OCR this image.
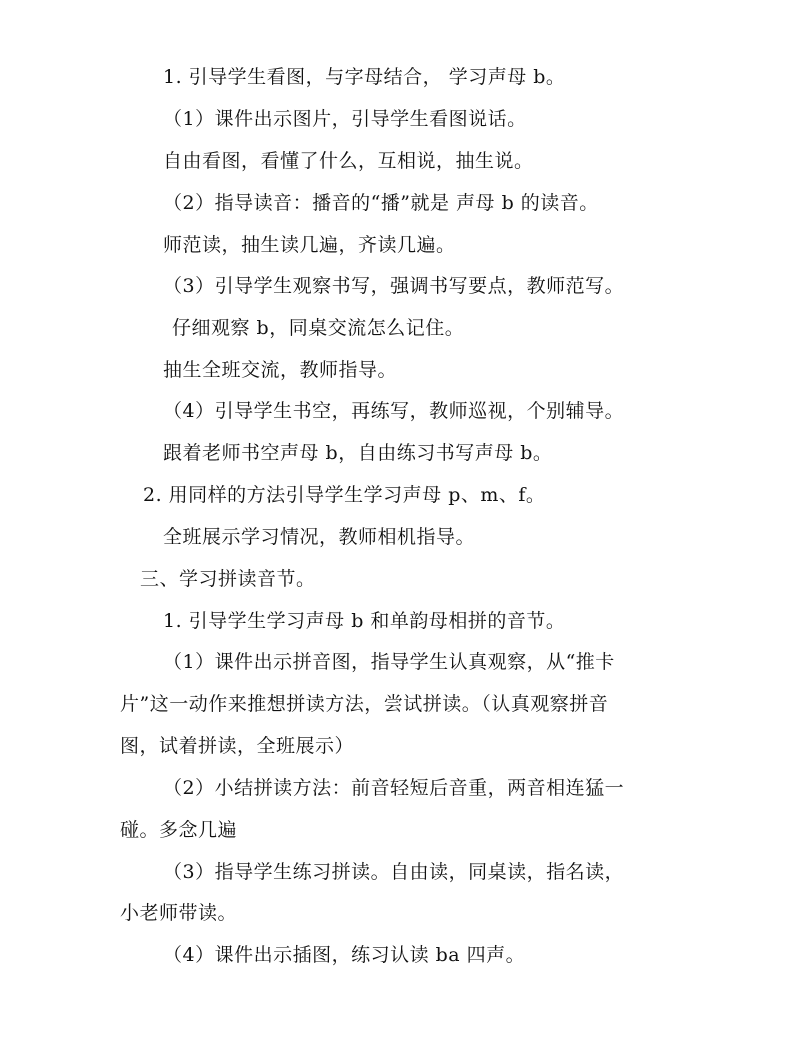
1. 引导学生看图，与字母结合， 学习声母 b。
（1）课件出示图片，引导学生看图说话。
自由看图，看懂了什么，互相说，抽生说。
（2）指导读音：播音的“播”就是 声母 b 的读音。
师范读，抽生读几遍，齐读几遍。
（3）引导学生观察书写，强调书写要点，教师范写。
仔细观察 b，同桌交流怎么记住。
抽生全班交流，教师指导。
（4）引导学生书空，再练写，教师巡视，个别辅导。
跟着老师书空声母 b，自由练习书写声母 b。
2. 用同样的方法引导学生学习声母 p、m、f。
全班展示学习情况，教师相机指导。
三、学习拼读音节。
1. 引导学生学习声母 b 和单韵母相拼的音节。
（1）课件出示拼音图，指导学生认真观察，从“推卡
片”这一动作来推想拼读方法，尝试拼读。（认真观察拼音
图，试着拼读，全班展示）
（2）小结拼读方法：前音轻短后音重，两音相连猛一
碰。多念几遍
（3）指导学生练习拼读。自由读，同桌读，指名读，
小老师带读。
（4）课件出示插图，练习认读 ba 四声。
